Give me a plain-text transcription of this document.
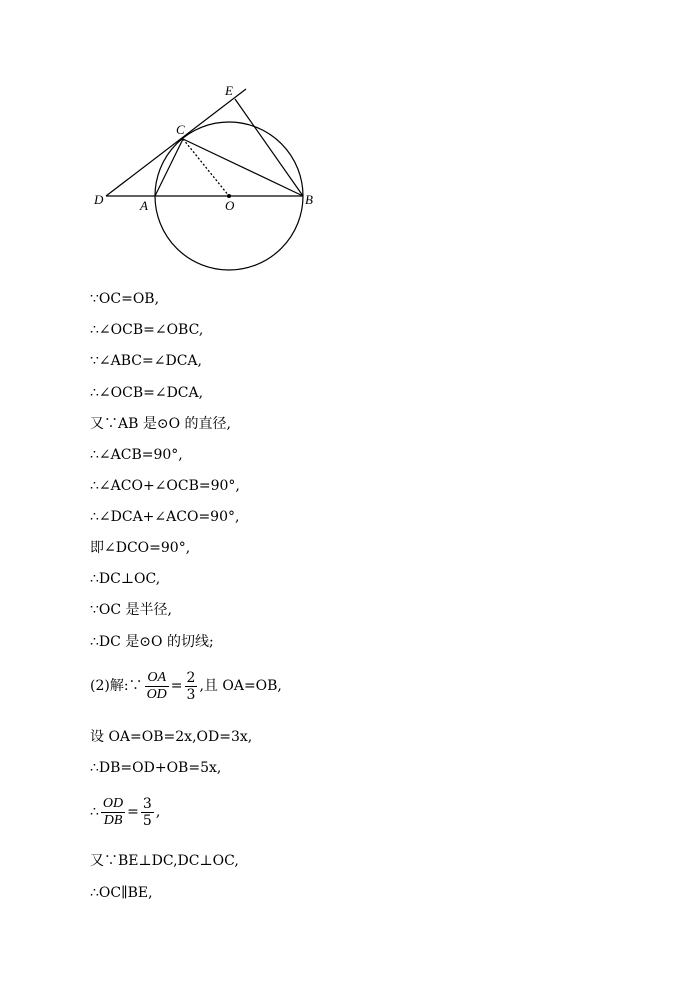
E
C
D	A	O	B
∵OC=OB,
∴∠OCB=∠OBC,
∵∠ABC=∠DCA,
∴∠OCB=∠DCA,
又∵AB 是⊙O 的直径,
∴∠ACB=90°,
∴∠ACO+∠OCB=90°,
∴∠DCA+∠ACO=90°,
即∠DCO=90°,
∴DC⊥OC,
∵OC 是半径,
∴DC 是⊙O 的切线;
(2)解:∵ $\frac{OA}{OD} = \frac{2}{3}$ ,且 OA=OB,
设 OA=OB=2x,OD=3x,
∴DB=OD+OB=5x,
∴ $\frac{OD}{DB} = \frac{3}{5}$ ,
又∵BE⊥DC,DC⊥OC,
∴OC∥BE,
